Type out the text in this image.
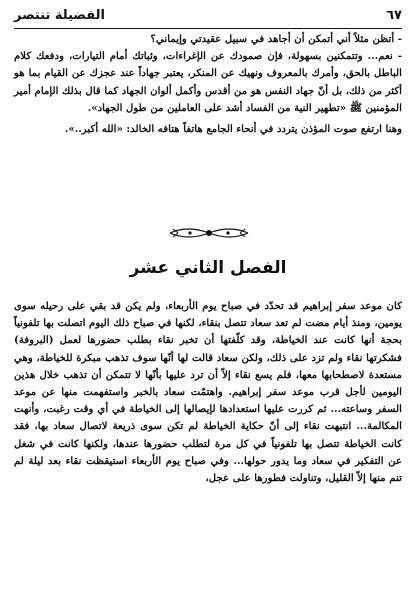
٦٧
الفضيلة تنتصر

- أتظن مثلاً أني أتمكن أن أجاهد في سبيل عقيدتي وإيماني؟

- نعم... وتتمكنين بسهولة، فإن صمودك عن الإغراءات، وثباتك أمام التيارات، ودفعك كلام الباطل بالحق، وأمرك بالمعروف ونهيك عن المنكر، يعتبر جهاداً عند عجزك عن القيام بما هو أكثر من ذلك، بل أنّ جهاد النفس هو من أقدس وأكمل ألوان الجهاد كما قال بذلك الإمام أمير المؤمنين ﷺ «تطهير النية من الفساد أشد على العاملين من طول الجهاد».

وهنا ارتفع صوت المؤذن يتردد في أنحاء الجامع هاتفاً هتافه الخالد: «الله أكبر..».

الفصل الثاني عشر

كان موعد سفر إبراهيم قد تحدّد في صباح يوم الأربعاء، ولم يكن قد بقي على رحيله سوى يومين، ومنذ أيام مضت لم تعد سعاد تتصل بنقاء، لكنها في صباح ذلك اليوم اتصلت بها تلفونياً بحجة أنها كانت عند الخياطة، وقد كلّفتها أن تخبر نقاء بطلب حضورها لعمل (البروفة) فشكرتها نقاء ولم تزد على ذلك، ولكن سعاد قالت لها أنّها سوف تذهب مبكرة للخياطة، وهي مستعدة لاصطحابها معها، فلم يسع نقاء إلاّ أن ترد عليها بأنّها لا تتمكن أن تذهب خلال هذين اليومين لأجل قرب موعد سفر إبراهيم. واهتمّت سعاد بالخبر واستفهمت منها عن موعد السفر وساعته... ثم كررت عليها استعدادها لإيصالها إلى الخياطة في أي وقت رغبت، وأنهت المكالمة... انتبهت نقاء إلى أنّ حكاية الخياطة لم تكن سوى ذريعة لاتصال سعاد بها، فقد كانت الخياطة تتصل بها تلفونياً في كل مرة لتطلب حضورها عندها، ولكنها كانت في شغل عن التفكير في سعاد وما يدور حولها... وفي صباح يوم الأربعاء استيقظت نقاء بعد ليلة لم تنم منها إلاّ القليل، وتناولت فطورها على عجل،
